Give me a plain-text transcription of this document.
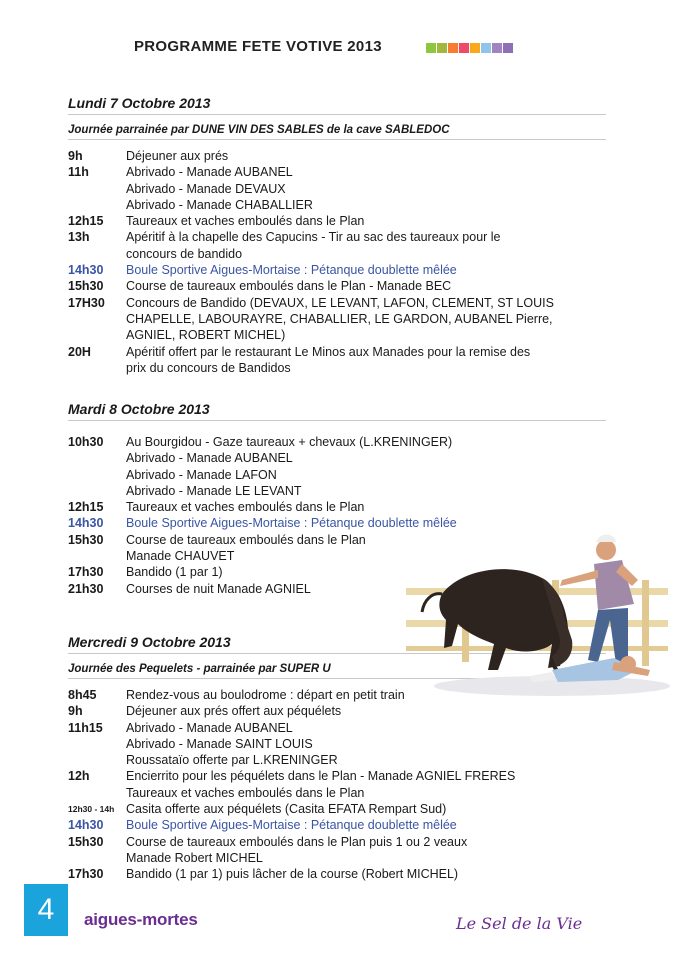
PROGRAMME FETE VOTIVE 2013
Lundi 7 Octobre 2013
Journée parrainée par DUNE VIN DES SABLES de la cave SABLEDOC
9h	Déjeuner aux prés
11h	Abrivado - Manade AUBANEL
Abrivado - Manade DEVAUX
Abrivado - Manade CHABALLIER
12h15	Taureaux et vaches emboulés dans le Plan
13h	Apéritif à la chapelle des Capucins - Tir au sac des taureaux pour le
concours de bandido
14h30	Boule Sportive Aigues-Mortaise : Pétanque doublette mêlée
15h30	Course de taureaux emboulés dans le Plan - Manade BEC
17H30	Concours de Bandido (DEVAUX, LE LEVANT, LAFON, CLEMENT, ST LOUIS
CHAPELLE, LABOURAYRE, CHABALLIER, LE GARDON, AUBANEL Pierre,
AGNIEL, ROBERT MICHEL)
20H	Apéritif offert par le restaurant Le Minos aux Manades pour la remise des
prix du concours de Bandidos
Mardi 8 Octobre 2013
10h30	Au Bourgidou - Gaze taureaux + chevaux (L.KRENINGER)
Abrivado - Manade AUBANEL
Abrivado - Manade LAFON
Abrivado - Manade LE LEVANT
12h15	Taureaux et vaches emboulés dans le Plan
14h30	Boule Sportive Aigues-Mortaise : Pétanque doublette mêlée
15h30	Course de taureaux emboulés dans le Plan
Manade CHAUVET
17h30	Bandido (1 par 1)
21h30	Courses de nuit Manade AGNIEL
Mercredi 9 Octobre 2013
Journée des Pequelets - parrainée par SUPER U
8h45	Rendez-vous au boulodrome : départ en petit train
9h	Déjeuner aux prés offert aux péquélets
11h15	Abrivado - Manade AUBANEL
Abrivado - Manade SAINT LOUIS
Roussataïo offerte par L.KRENINGER
12h	Encierrito pour les péquélets dans le Plan - Manade AGNIEL FRERES
Taureaux et vaches emboulés dans le Plan
12h30 - 14h Casita offerte aux péquélets (Casita EFATA Rempart Sud)
14h30	Boule Sportive Aigues-Mortaise : Pétanque doublette mêlée
15h30	Course de taureaux emboulés dans le Plan puis 1 ou 2 veaux
Manade Robert MICHEL
17h30	Bandido (1 par 1) puis lâcher de la course (Robert MICHEL)
4 aigues-mortes	Le Sel de la Vie
